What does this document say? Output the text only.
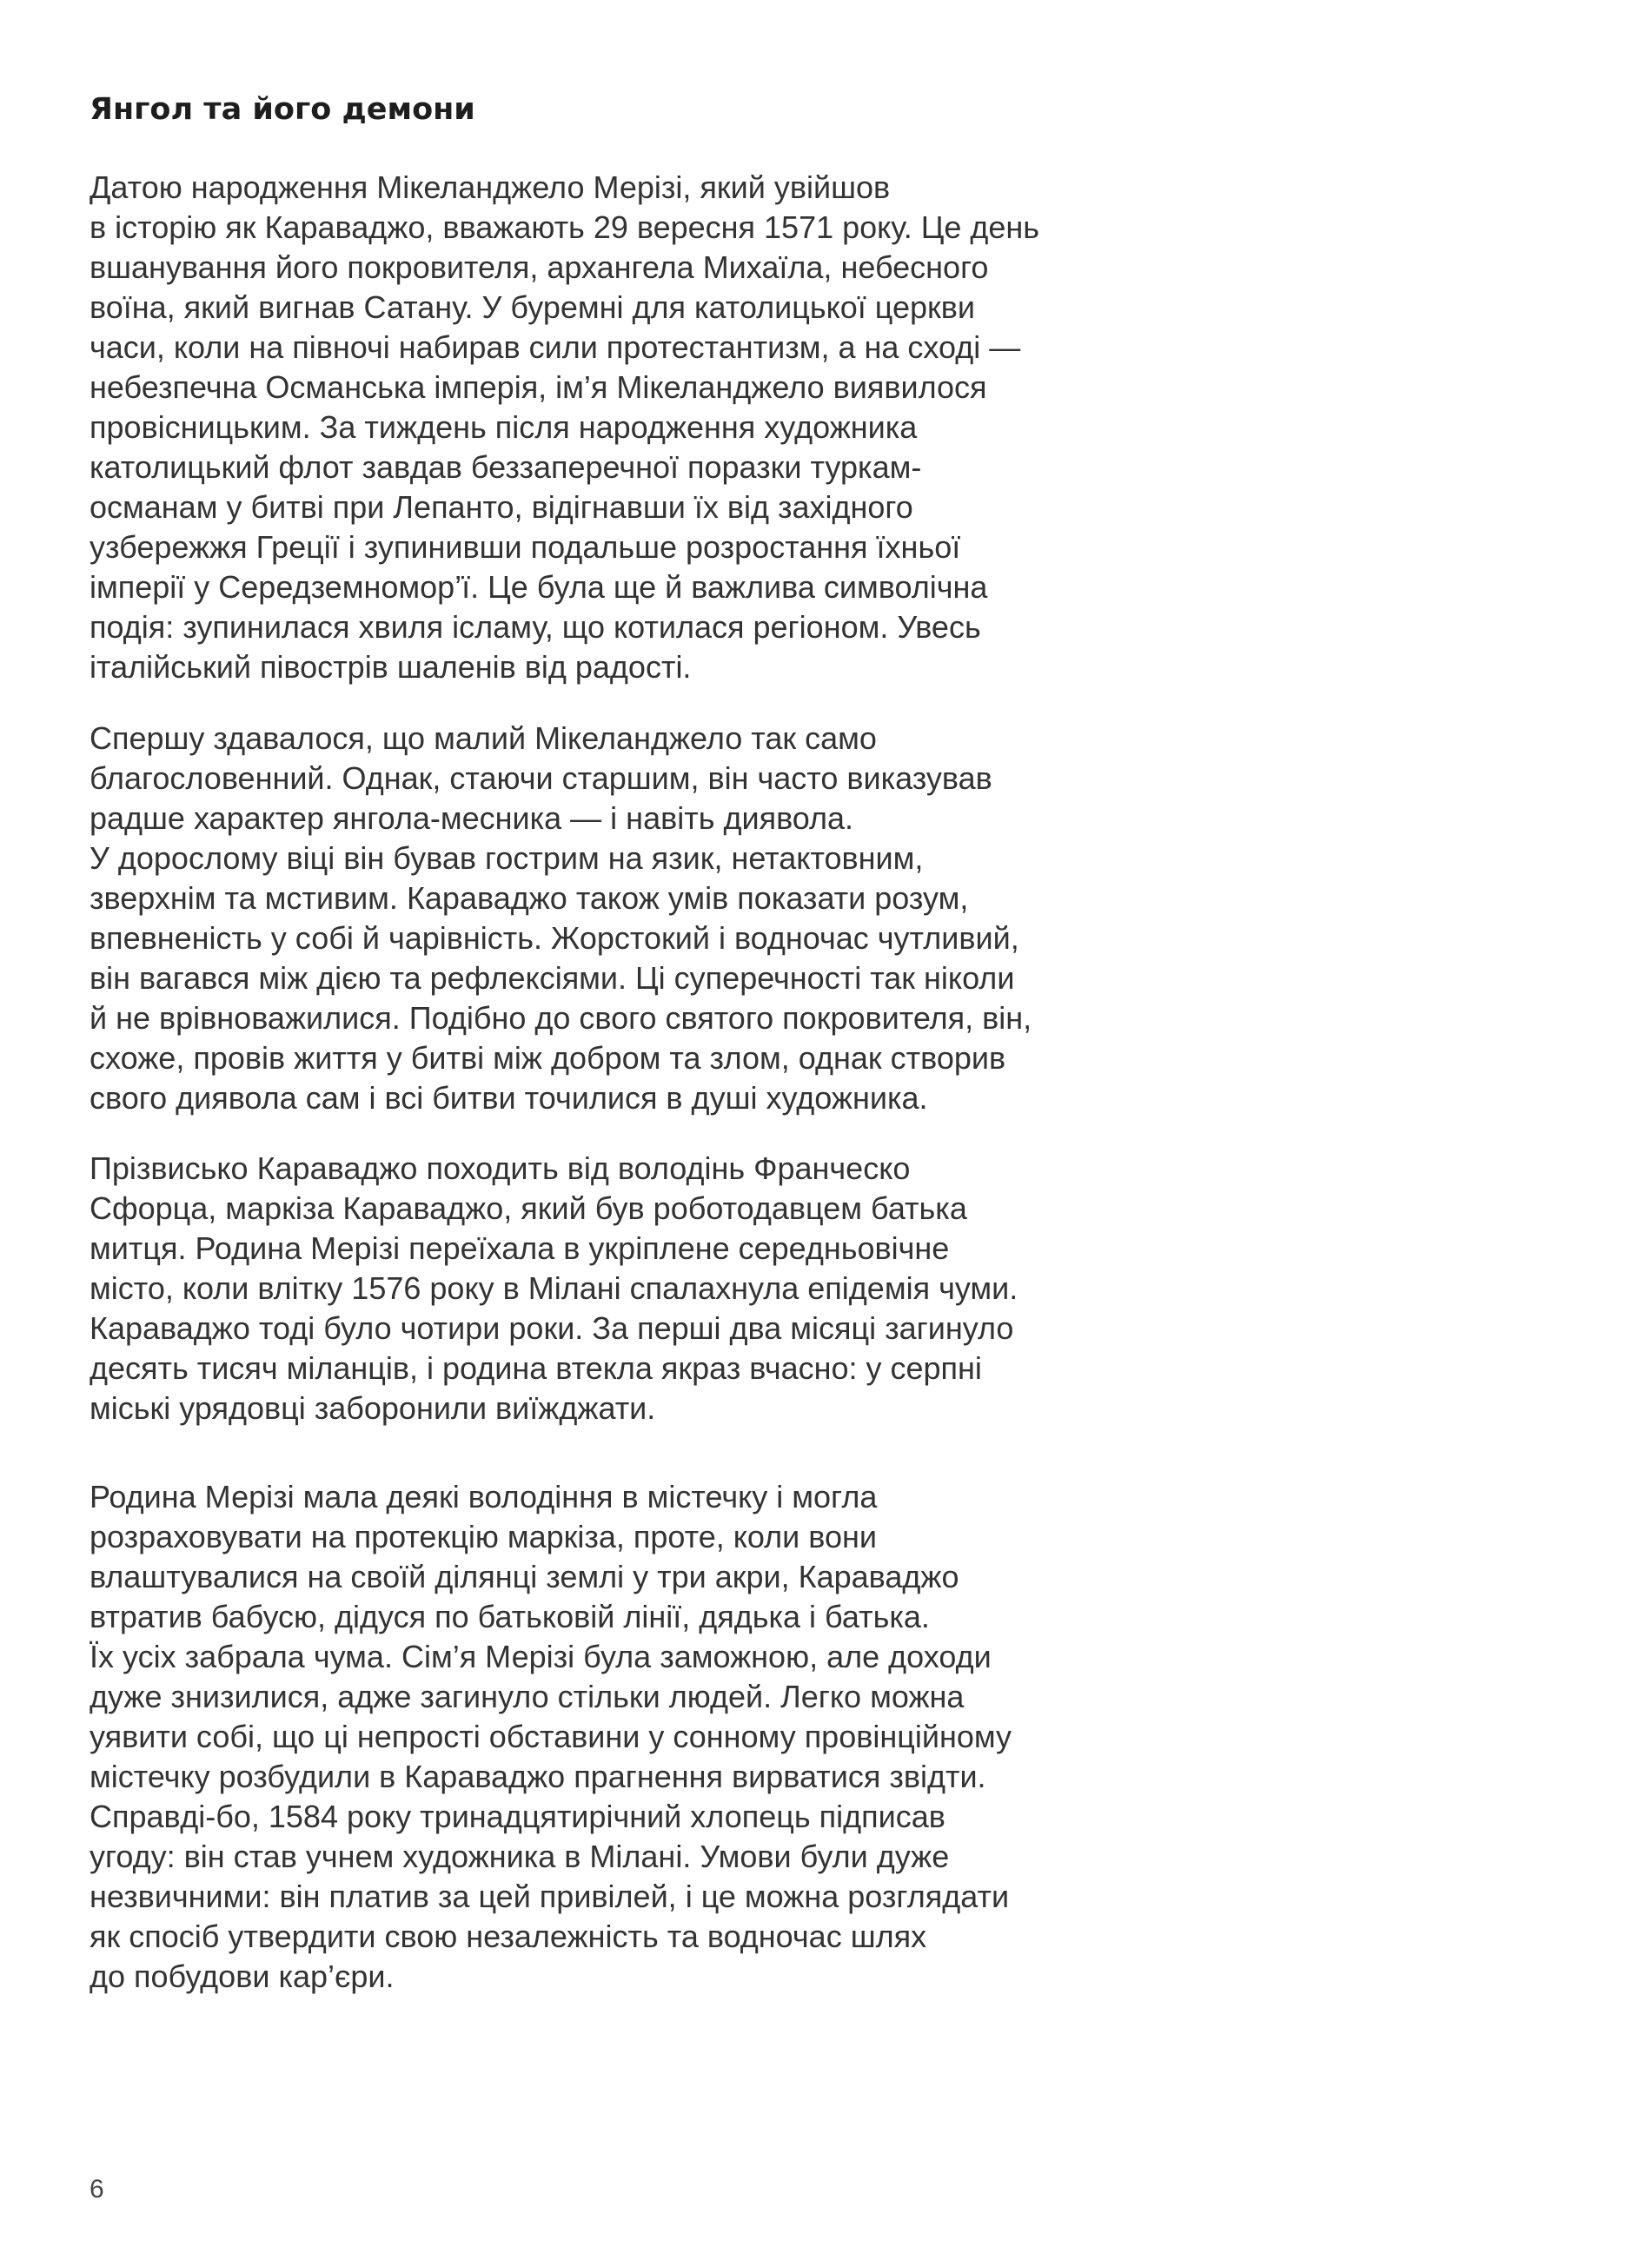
Янгол та його демони

Датою народження Мікеланджело Мерізі, який увійшов
в історію як Караваджо, вважають 29 вересня 1571 року. Це день
вшанування його покровителя, архангела Михаїла, небесного
воїна, який вигнав Сатану. У буремні для католицької церкви
часи, коли на півночі набирав сили протестантизм, а на сході —
небезпечна Османська імперія, ім’я Мікеланджело виявилося
провісницьким. За тиждень після народження художника
католицький флот завдав беззаперечної поразки туркам-
османам у битві при Лепанто, відігнавши їх від західного
узбережжя Греції і зупинивши подальше розростання їхньої
імперії у Середземномор’ї. Це була ще й важлива символічна
подія: зупинилася хвиля ісламу, що котилася регіоном. Увесь
італійський півострів шаленів від радості.

Спершу здавалося, що малий Мікеланджело так само
благословенний. Однак, стаючи старшим, він часто виказував
радше характер янгола-месника — і навіть диявола.
У дорослому віці він бував гострим на язик, нетактовним,
зверхнім та мстивим. Караваджо також умів показати розум,
впевненість у собі й чарівність. Жорстокий і водночас чутливий,
він вагався між дією та рефлексіями. Ці суперечності так ніколи
й не врівноважилися. Подібно до свого святого покровителя, він,
схоже, провів життя у битві між добром та злом, однак створив
свого диявола сам і всі битви точилися в душі художника.

Прізвисько Караваджо походить від володінь Франческо
Сфорца, маркіза Караваджо, який був роботодавцем батька
митця. Родина Мерізі переїхала в укріплене середньовічне
місто, коли влітку 1576 року в Мілані спалахнула епідемія чуми.
Караваджо тоді було чотири роки. За перші два місяці загинуло
десять тисяч міланців, і родина втекла якраз вчасно: у серпні
міські урядовці заборонили виїжджати.

Родина Мерізі мала деякі володіння в містечку і могла
розраховувати на протекцію маркіза, проте, коли вони
влаштувалися на своїй ділянці землі у три акри, Караваджо
втратив бабусю, дідуся по батьковій лінії, дядька і батька.
Їх усіх забрала чума. Сім’я Мерізі була заможною, але доходи
дуже знизилися, адже загинуло стільки людей. Легко можна
уявити собі, що ці непрості обставини у сонному провінційному
містечку розбудили в Караваджо прагнення вирватися звідти.
Справді-бо, 1584 року тринадцятирічний хлопець підписав
угоду: він став учнем художника в Мілані. Умови були дуже
незвичними: він платив за цей привілей, і це можна розглядати
як спосіб утвердити свою незалежність та водночас шлях
до побудови кар’єри.

6
